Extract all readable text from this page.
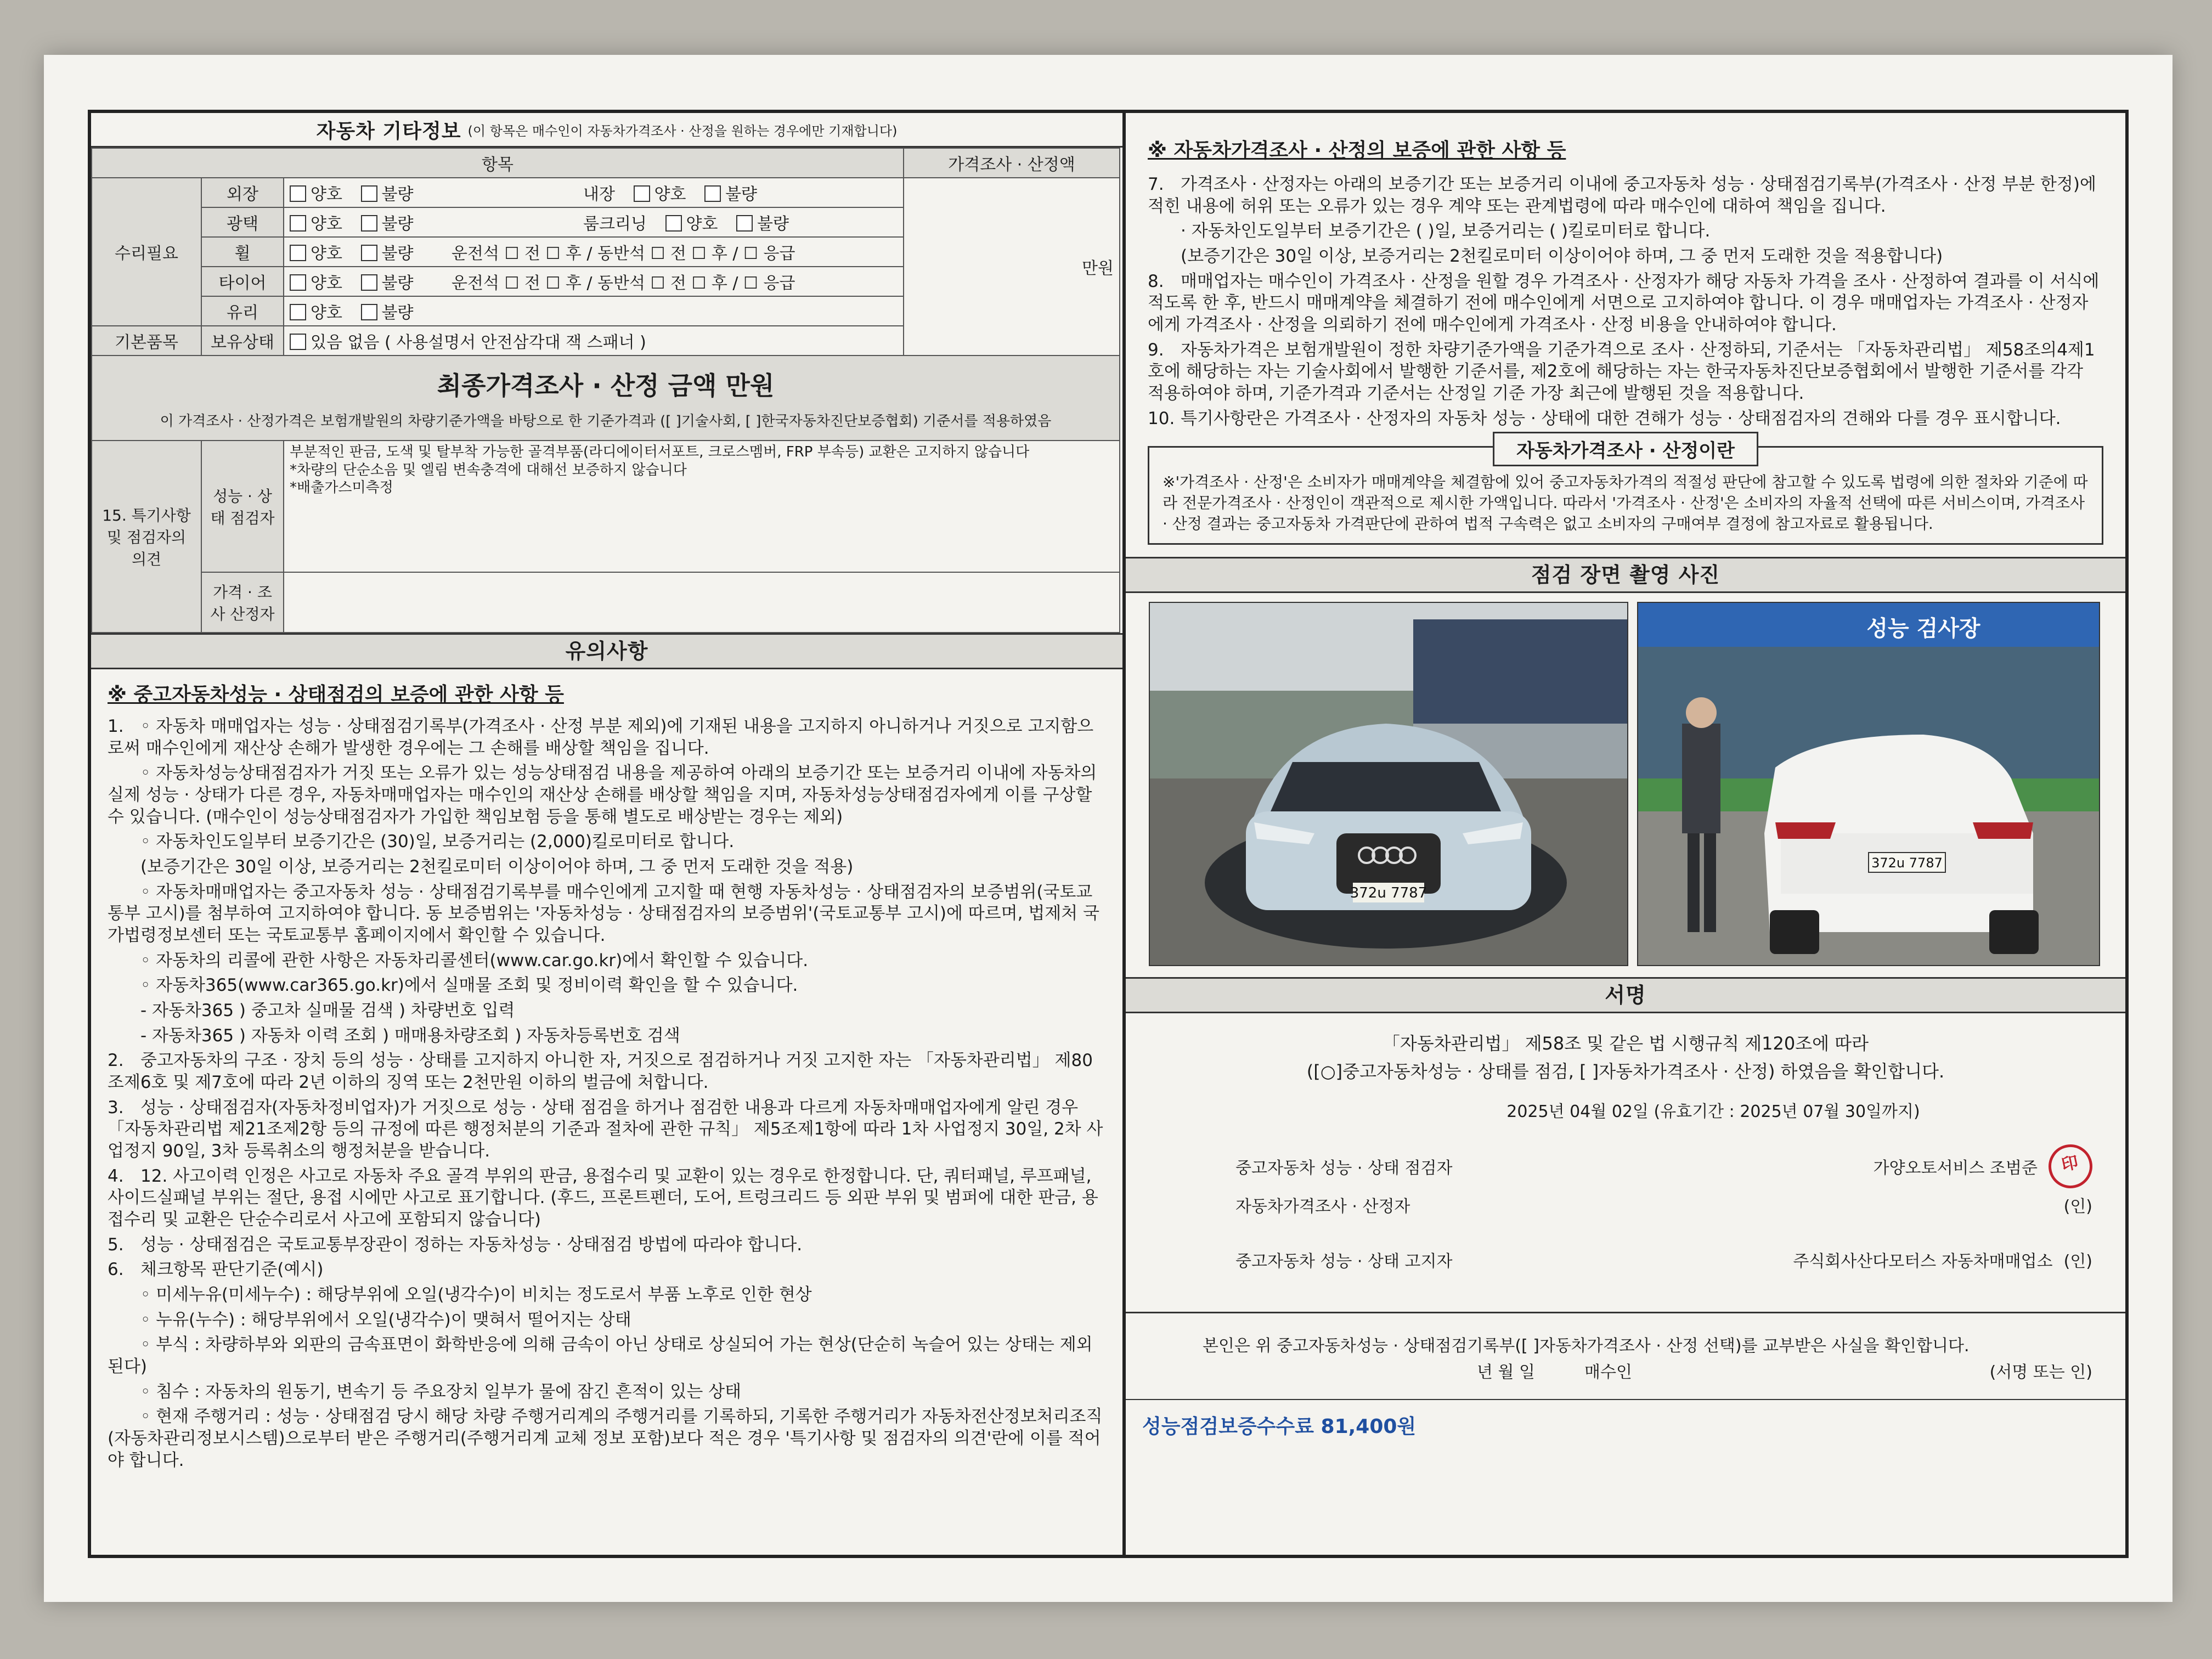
자동차 기타정보 (이 항목은 매수인이 자동차가격조사 · 산정을 원하는 경우에만 기재합니다)
항목			가격조사 · 산정액
수리필요	외장	양호 불량 내장 양호 불량	만원
	광택	양호 불량 룸크리닝 양호 불량	
	휠	양호 불량 운전석 ☐ 전 ☐ 후 / 동반석 ☐ 전 ☐ 후 / ☐ 응급	
	타이어	양호 불량 운전석 ☐ 전 ☐ 후 / 동반석 ☐ 전 ☐ 후 / ☐ 응급	
	유리	양호 불량	
기본품목	보유상태	있음 없음 ( 사용설명서 안전삼각대 잭 스패너 )	

최종가격조사 · 산정 금액 만원
이 가격조사 · 산정가격은 보험개발원의 차량기준가액을 바탕으로 한 기준가격과 ([ ]기술사회, [ ]한국자동차진단보증협회) 기준서를 적용하였음			

15. 특기사항 및 점검자의 의견	성능 · 상태 점검자	부분적인 판금, 도색 및 탈부착 가능한 골격부품(라디에이터서포트, 크로스멤버, FRP 부속등) 교환은 고지하지 않습니다
*차량의 단순소음 및 엘림 변속충격에 대해선 보증하지 않습니다
*배출가스미측정	

	가격 · 조사 산정자		
유의사항
※ 중고자동차성능 · 상태점검의 보증에 관한 사항 등

1. ◦ 자동차 매매업자는 성능 · 상태점검기록부(가격조사 · 산정 부분 제외)에 기재된 내용을 고지하지 아니하거나 거짓으로 고지함으로써 매수인에게 재산상 손해가 발생한 경우에는 그 손해를 배상할 책임을 집니다.

◦ 자동차성능상태점검자가 거짓 또는 오류가 있는 성능상태점검 내용을 제공하여 아래의 보증기간 또는 보증거리 이내에 자동차의 실제 성능 · 상태가 다른 경우, 자동차매매업자는 매수인의 재산상 손해를 배상할 책임을 지며, 자동차성능상태점검자에게 이를 구상할 수 있습니다. (매수인이 성능상태점검자가 가입한 책임보험 등을 통해 별도로 배상받는 경우는 제외)

◦ 자동차인도일부터 보증기간은 (30)일, 보증거리는 (2,000)킬로미터로 합니다.

(보증기간은 30일 이상, 보증거리는 2천킬로미터 이상이어야 하며, 그 중 먼저 도래한 것을 적용)

◦ 자동차매매업자는 중고자동차 성능 · 상태점검기록부를 매수인에게 고지할 때 현행 자동차성능 · 상태점검자의 보증범위(국토교통부 고시)를 첨부하여 고지하여야 합니다. 동 보증범위는 '자동차성능 · 상태점검자의 보증범위'(국토교통부 고시)에 따르며, 법제처 국가법령정보센터 또는 국토교통부 홈페이지에서 확인할 수 있습니다.

◦ 자동차의 리콜에 관한 사항은 자동차리콜센터(www.car.go.kr)에서 확인할 수 있습니다.

◦ 자동차365(www.car365.go.kr)에서 실매물 조회 및 정비이력 확인을 할 수 있습니다.

- 자동차365 ) 중고차 실매물 검색 ) 차량번호 입력

- 자동차365 ) 자동차 이력 조회 ) 매매용차량조회 ) 자동차등록번호 검색

2. 중고자동차의 구조 · 장치 등의 성능 · 상태를 고지하지 아니한 자, 거짓으로 점검하거나 거짓 고지한 자는 「자동차관리법」 제80조제6호 및 제7호에 따라 2년 이하의 징역 또는 2천만원 이하의 벌금에 처합니다.

3. 성능 · 상태점검자(자동차정비업자)가 거짓으로 성능 · 상태 점검을 하거나 점검한 내용과 다르게 자동차매매업자에게 알린 경우 「자동차관리법 제21조제2항 등의 규정에 따른 행정처분의 기준과 절차에 관한 규칙」 제5조제1항에 따라 1차 사업정지 30일, 2차 사업정지 90일, 3차 등록취소의 행정처분을 받습니다.

4. 12. 사고이력 인정은 사고로 자동차 주요 골격 부위의 판금, 용접수리 및 교환이 있는 경우로 한정합니다. 단, 쿼터패널, 루프패널, 사이드실패널 부위는 절단, 용접 시에만 사고로 표기합니다. (후드, 프론트펜더, 도어, 트렁크리드 등 외판 부위 및 범퍼에 대한 판금, 용접수리 및 교환은 단순수리로서 사고에 포함되지 않습니다)

5. 성능 · 상태점검은 국토교통부장관이 정하는 자동차성능 · 상태점검 방법에 따라야 합니다.

6. 체크항목 판단기준(예시)

◦ 미세누유(미세누수) : 해당부위에 오일(냉각수)이 비치는 정도로서 부품 노후로 인한 현상

◦ 누유(누수) : 해당부위에서 오일(냉각수)이 맺혀서 떨어지는 상태

◦ 부식 : 차량하부와 외판의 금속표면이 화학반응에 의해 금속이 아닌 상태로 상실되어 가는 현상(단순히 녹슬어 있는 상태는 제외된다)

◦ 침수 : 자동차의 원동기, 변속기 등 주요장치 일부가 물에 잠긴 흔적이 있는 상태

◦ 현재 주행거리 : 성능 · 상태점검 당시 해당 차량 주행거리계의 주행거리를 기록하되, 기록한 주행거리가 자동차전산정보처리조직(자동차관리정보시스템)으로부터 받은 주행거리(주행거리계 교체 정보 포함)보다 적은 경우 '특기사항 및 점검자의 의견'란에 이를 적어야 합니다.

※ 자동차가격조사 · 산정의 보증에 관한 사항 등

7. 가격조사 · 산정자는 아래의 보증기간 또는 보증거리 이내에 중고자동차 성능 · 상태점검기록부(가격조사 · 산정 부분 한정)에 적힌 내용에 허위 또는 오류가 있는 경우 계약 또는 관계법령에 따라 매수인에 대하여 책임을 집니다.

· 자동차인도일부터 보증기간은 ( )일, 보증거리는 ( )킬로미터로 합니다.

(보증기간은 30일 이상, 보증거리는 2천킬로미터 이상이어야 하며, 그 중 먼저 도래한 것을 적용합니다)

8. 매매업자는 매수인이 가격조사 · 산정을 원할 경우 가격조사 · 산정자가 해당 자동차 가격을 조사 · 산정하여 결과를 이 서식에 적도록 한 후, 반드시 매매계약을 체결하기 전에 매수인에게 서면으로 고지하여야 합니다. 이 경우 매매업자는 가격조사 · 산정자에게 가격조사 · 산정을 의뢰하기 전에 매수인에게 가격조사 · 산정 비용을 안내하여야 합니다.

9. 자동차가격은 보험개발원이 정한 차량기준가액을 기준가격으로 조사 · 산정하되, 기준서는 「자동차관리법」 제58조의4제1호에 해당하는 자는 기술사회에서 발행한 기준서를, 제2호에 해당하는 자는 한국자동차진단보증협회에서 발행한 기준서를 각각 적용하여야 하며, 기준가격과 기준서는 산정일 기준 가장 최근에 발행된 것을 적용합니다.

10. 특기사항란은 가격조사 · 산정자의 자동차 성능 · 상태에 대한 견해가 성능 · 상태점검자의 견해와 다를 경우 표시합니다.

자동차가격조사 · 산정이란
※'가격조사 · 산정'은 소비자가 매매계약을 체결함에 있어 중고자동차가격의 적절성 판단에 참고할 수 있도록 법령에 의한 절차와 기준에 따라 전문가격조사 · 산정인이 객관적으로 제시한 가액입니다. 따라서 '가격조사 · 산정'은 소비자의 자율적 선택에 따른 서비스이며, 가격조사 · 산정 결과는 중고자동차 가격판단에 관하여 법적 구속력은 없고 소비자의 구매여부 결정에 참고자료로 활용됩니다.
점검 장면 촬영 사진
372u 7787
성능 검사장
372u 7787
서명
「자동차관리법」 제58조 및 같은 법 시행규칙 제120조에 따라
([○]중고자동차성능 · 상태를 점검, [ ]자동차가격조사 · 산정) 하였음을 확인합니다.
2025년 04월 02일 (유효기간 : 2025년 07월 30일까지)
중고자동차 성능 · 상태 점검자	가양오토서비스 조범준	印
자동차가격조사 · 산정자	(인)
중고자동차 성능 · 상태 고지자	주식회사산다모터스 자동차매매업소 (인)
본인은 위 중고자동차성능 · 상태점검기록부([ ]자동차가격조사 · 산정 선택)를 교부받은 사실을 확인합니다.
년 월 일	매수인	(서명 또는 인)
성능점검보증수수료 81,400원
